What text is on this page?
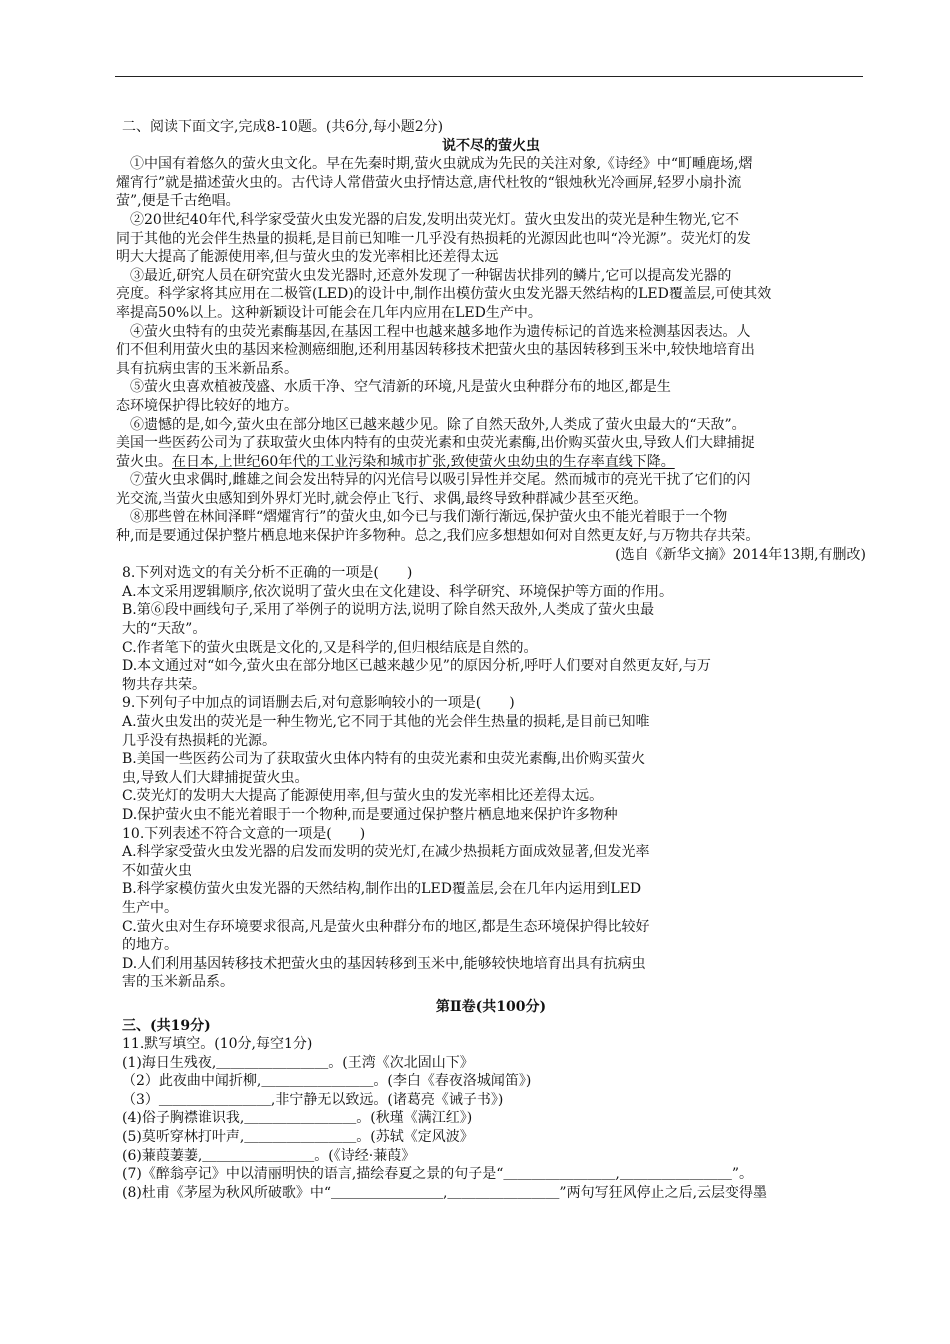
二、阅读下面文字,完成8-10题。(共6分,每小题2分)
说不尽的萤火虫
①中国有着悠久的萤火虫文化。早在先秦时期,萤火虫就成为先民的关注对象,《诗经》中“町畽鹿场,熠
燿宵行”就是描述萤火虫的。古代诗人常借萤火虫抒情达意,唐代杜牧的“银烛秋光冷画屏,轻罗小扇扑流
萤”,便是千古绝唱。
②20世纪40年代,科学家受萤火虫发光器的启发,发明出荧光灯。萤火虫发出的荧光是种生物光,它不
同于其他的光会伴生热量的损耗,是目前已知唯一几乎没有热损耗的光源因此也叫“冷光源”。荧光灯的发
明大大提高了能源使用率,但与萤火虫的发光率相比还差得太远
③最近,研究人员在研究萤火虫发光器时,还意外发现了一种锯齿状排列的鳞片,它可以提高发光器的
亮度。科学家将其应用在二极管(LED)的设计中,制作出模仿萤火虫发光器天然结构的LED覆盖层,可使其效
率提高50%以上。这种新颖设计可能会在几年内应用在LED生产中。
④萤火虫特有的虫荧光素酶基因,在基因工程中也越来越多地作为遗传标记的首选来检测基因表达。人
们不但利用萤火虫的基因来检测癌细胞,还利用基因转移技术把萤火虫的基因转移到玉米中,较快地培育出
具有抗病虫害的玉米新品系。
⑤萤火虫喜欢植被茂盛、水质干净、空气清新的环境,凡是萤火虫种群分布的地区,都是生
态环境保护得比较好的地方。
⑥遗憾的是,如今,萤火虫在部分地区已越来越少见。除了自然天敌外,人类成了萤火虫最大的“天敌”。
美国一些医药公司为了获取萤火虫体内特有的虫荧光素和虫荧光素酶,出价购买萤火虫,导致人们大肆捕捉
萤火虫。在日本,上世纪60年代的工业污染和城市扩张,致使萤火虫幼虫的生存率直线下降。
⑦萤火虫求偶时,雌雄之间会发出特异的闪光信号以吸引异性并交尾。然而城市的亮光干扰了它们的闪
光交流,当萤火虫感知到外界灯光时,就会停止飞行、求偶,最终导致种群减少甚至灭绝。
⑧那些曾在林间泽畔“熠燿宵行”的萤火虫,如今已与我们渐行渐远,保护萤火虫不能光着眼于一个物
种,而是要通过保护整片栖息地来保护许多物种。总之,我们应多想想如何对自然更友好,与万物共存共荣。
(选自《新华文摘》2014年13期,有删改)
8.下列对选文的有关分析不正确的一项是(　　)
A.本文采用逻辑顺序,依次说明了萤火虫在文化建设、科学研究、环境保护等方面的作用。
B.第⑥段中画线句子,采用了举例子的说明方法,说明了除自然天敌外,人类成了萤火虫最
大的“天敌”。
C.作者笔下的萤火虫既是文化的,又是科学的,但归根结底是自然的。
D.本文通过对“如今,萤火虫在部分地区已越来越少见”的原因分析,呼吁人们要对自然更友好,与万
物共存共荣。
9.下列句子中加点的词语删去后,对句意影响较小的一项是(　　)
A.萤火虫发出的荧光是一种生物光,它不同于其他的光会伴生热量的损耗,是目前已知唯
几乎没有热损耗的光源。
B.美国一些医药公司为了获取萤火虫体内特有的虫荧光素和虫荧光素酶,出价购买萤火
虫,导致人们大肆捕捉萤火虫。
C.荧光灯的发明大大提高了能源使用率,但与萤火虫的发光率相比还差得太远。
D.保护萤火虫不能光着眼于一个物种,而是要通过保护整片栖息地来保护许多物种
10.下列表述不符合文意的一项是(　　)
A.科学家受萤火虫发光器的启发而发明的荧光灯,在减少热损耗方面成效显著,但发光率
不如萤火虫
B.科学家模仿萤火虫发光器的天然结构,制作出的LED覆盖层,会在几年内运用到LED
生产中。
C.萤火虫对生存环境要求很高,凡是萤火虫种群分布的地区,都是生态环境保护得比较好
的地方。
D.人们利用基因转移技术把萤火虫的基因转移到玉米中,能够较快地培育出具有抗病虫
害的玉米新品系。
第Ⅱ卷(共100分)
三、(共19分)
11.默写填空。(10分,每空1分)
(1)海日生残夜,＿＿＿＿＿＿＿＿。(王湾《次北固山下》
（2）此夜曲中闻折柳,＿＿＿＿＿＿＿＿。(李白《春夜洛城闻笛》)
（3）＿＿＿＿＿＿＿＿,非宁静无以致远。(诸葛亮《诫子书》)
(4)俗子胸襟谁识我,＿＿＿＿＿＿＿＿。(秋瑾《满江红》)
(5)莫听穿林打叶声,＿＿＿＿＿＿＿＿。(苏轼《定风波》
(6)蒹葭萋萋,＿＿＿＿＿＿＿＿。(《诗经·蒹葭》
(7)《醉翁亭记》中以清丽明快的语言,描绘春夏之景的句子是“＿＿＿＿＿＿＿＿,＿＿＿＿＿＿＿＿”。
(8)杜甫《茅屋为秋风所破歌》中“＿＿＿＿＿＿＿＿,＿＿＿＿＿＿＿＿”两句写狂风停止之后,云层变得墨
